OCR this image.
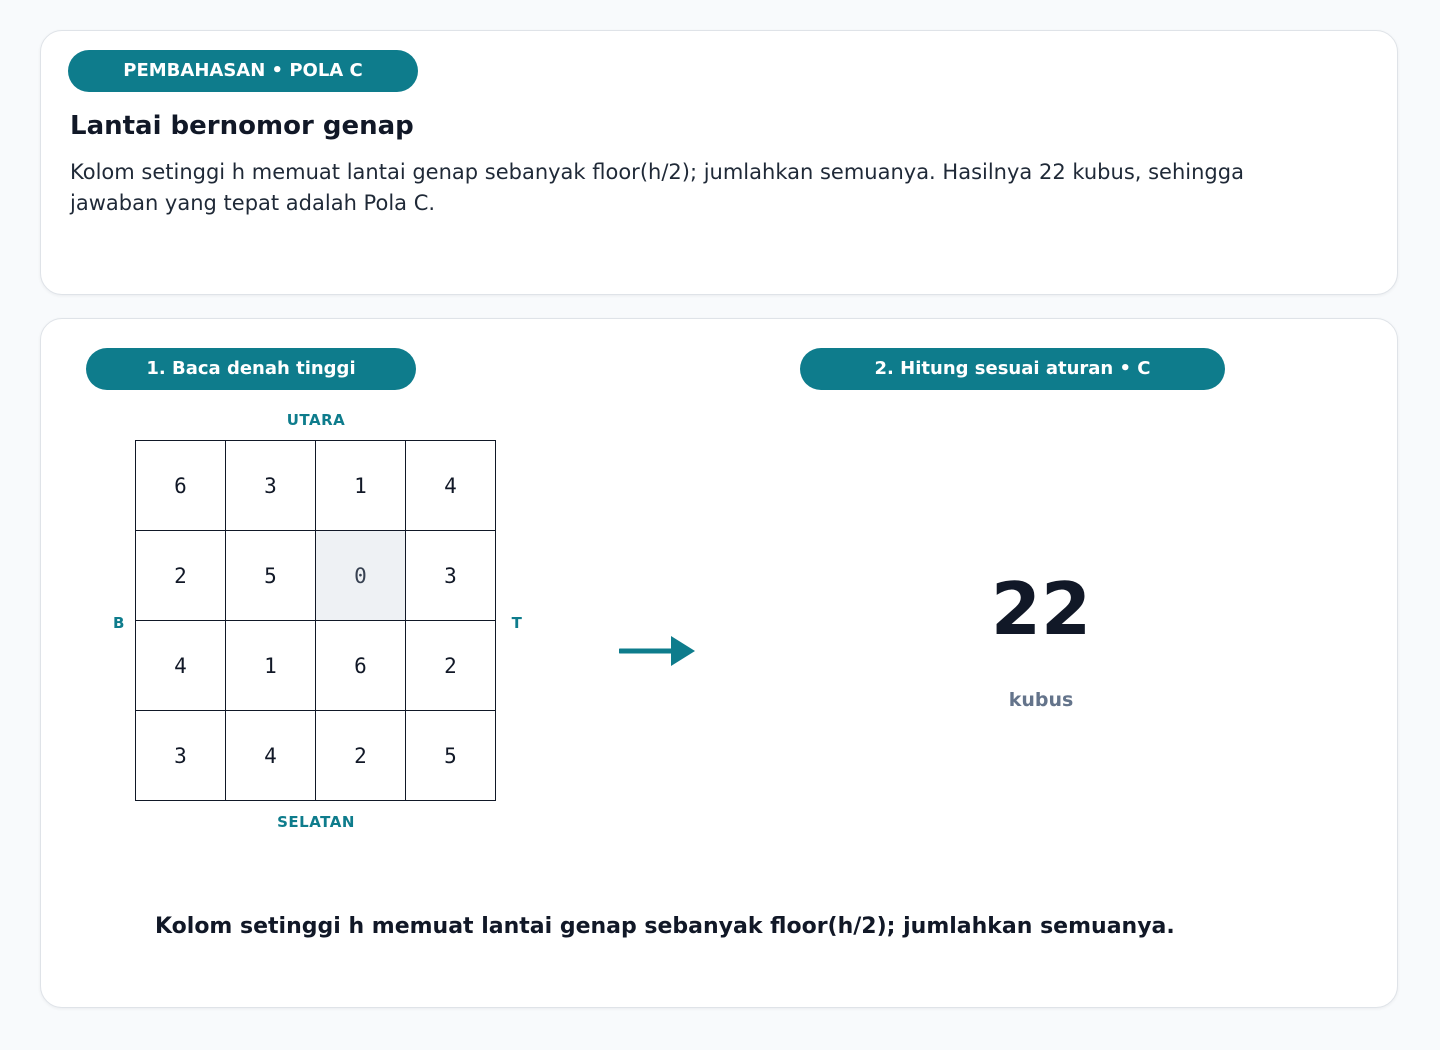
PEMBAHASAN • POLA C
Lantai bernomor genap

Kolom setinggi h memuat lantai genap sebanyak floor(h/2); jumlahkan semuanya. Hasilnya 22 kubus, sehingga jawaban yang tepat adalah Pola C.

1. Baca denah tinggi	2. Hitung sesuai aturan • C
UTARA
SELATAN
B	T
6	3	1	4
2	5	0	3
4	1	6	2
3	4	2	5
22
kubus
Kolom setinggi h memuat lantai genap sebanyak floor(h/2); jumlahkan semuanya.
